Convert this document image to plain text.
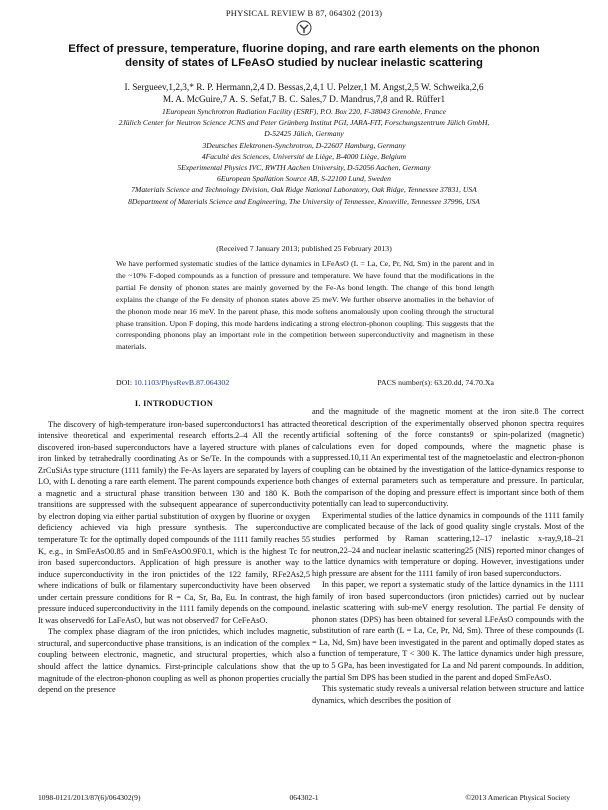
PHYSICAL REVIEW B 87, 064302 (2013)
Effect of pressure, temperature, fluorine doping, and rare earth elements on the phonon density of states of LFeAsO studied by nuclear inelastic scattering
I. Sergueev,1,2,3,* R. P. Hermann,2,4 D. Bessas,2,4,1 U. Pelzer,1 M. Angst,2,5 W. Schweika,2,6
M. A. McGuire,7 A. S. Sefat,7 B. C. Sales,7 D. Mandrus,7,8 and R. Rüffer1
1European Synchrotron Radiation Facility (ESRF), P.O. Box 220, F-38043 Grenoble, France
2Jülich Center for Neutron Science JCNS and Peter Grünberg Institut PGI, JARA-FIT, Forschungszentrum Jülich GmbH,
D-52425 Jülich, Germany
3Deutsches Elektronen-Synchrotron, D-22607 Hamburg, Germany
4Faculté des Sciences, Université de Liège, B-4000 Liège, Belgium
5Experimental Physics IVC, RWTH Aachen University, D-52056 Aachen, Germany
6European Spallation Source AB, S-22100 Lund, Sweden
7Materials Science and Technology Division, Oak Ridge National Laboratory, Oak Ridge, Tennessee 37831, USA
8Department of Materials Science and Engineering, The University of Tennessee, Knoxville, Tennessee 37996, USA
(Received 7 January 2013; published 25 February 2013)
We have performed systematic studies of the lattice dynamics in LFeAsO (L = La, Ce, Pr, Nd, Sm) in the parent and in the ~10% F-doped compounds as a function of pressure and temperature. We have found that the modifications in the partial Fe density of phonon states are mainly governed by the Fe-As bond length. The change of this bond length explains the change of the Fe density of phonon states above 25 meV. We further observe anomalies in the behavior of the phonon mode near 16 meV. In the parent phase, this mode softens anomalously upon cooling through the structural phase transition. Upon F doping, this mode hardens indicating a strong electron-phonon coupling. This suggests that the corresponding phonons play an important role in the competition between superconductivity and magnetism in these materials.
DOI: 10.1103/PhysRevB.87.064302	PACS number(s): 63.20.dd, 74.70.Xa
I. INTRODUCTION

The discovery of high-temperature iron-based superconductors1 has attracted intensive theoretical and experimental research efforts.2–4 All the recently discovered iron-based superconductors have a layered structure with planes of iron linked by tetrahedrally coordinating As or Se/Te. In the compounds with a ZrCuSiAs type structure (1111 family) the Fe-As layers are separated by layers of LO, with L denoting a rare earth element. The parent compounds experience both a magnetic and a structural phase transition between 130 and 180 K. Both transitions are suppressed with the subsequent appearance of superconductivity by electron doping via either partial substitution of oxygen by fluorine or oxygen deficiency achieved via high pressure synthesis. The superconductive temperature Tc for the optimally doped compounds of the 1111 family reaches 55 K, e.g., in SmFeAsO0.85 and in SmFeAsO0.9F0.1, which is the highest Tc for iron based superconductors. Application of high pressure is another way to induce superconductivity in the iron pnictides of the 122 family, RFe2As2,5 where indications of bulk or filamentary superconductivity have been observed under certain pressure conditions for R = Ca, Sr, Ba, Eu. In contrast, the high pressure induced superconductivity in the 1111 family depends on the compound. It was observed6 for LaFeAsO, but was not observed7 for CeFeAsO.

The complex phase diagram of the iron pnictides, which includes magnetic, structural, and superconductive phase transitions, is an indication of the complex coupling between electronic, magnetic, and structural properties, which also should affect the lattice dynamics. First-principle calculations show that the magnitude of the electron-phonon coupling as well as phonon properties crucially depend on the presence

and the magnitude of the magnetic moment at the iron site.8 The correct theoretical description of the experimentally observed phonon spectra requires artificial softening of the force constants9 or spin-polarized (magnetic) calculations even for doped compounds, where the magnetic phase is suppressed.10,11 An experimental test of the magnetoelastic and electron-phonon coupling can be obtained by the investigation of the lattice-dynamics response to changes of external parameters such as temperature and pressure. In particular, the comparison of the doping and pressure effect is important since both of them potentially can lead to superconductivity.

Experimental studies of the lattice dynamics in compounds of the 1111 family are complicated because of the lack of good quality single crystals. Most of the studies performed by Raman scattering,12–17 inelastic x-ray,9,18–21 neutron,22–24 and nuclear inelastic scattering25 (NIS) reported minor changes of the lattice dynamics with temperature or doping. However, investigations under high pressure are absent for the 1111 family of iron based superconductors.

In this paper, we report a systematic study of the lattice dynamics in the 1111 family of iron based superconductors (iron pnictides) carried out by nuclear inelastic scattering with sub-meV energy resolution. The partial Fe density of phonon states (DPS) has been obtained for several LFeAsO compounds with the substitution of rare earth (L = La, Ce, Pr, Nd, Sm). Three of these compounds (L = La, Nd, Sm) have been investigated in the parent and optimally doped states as a function of temperature, T < 300 K. The lattice dynamics under high pressure, up to 5 GPa, has been investigated for La and Nd parent compounds. In addition, the partial Sm DPS has been studied in the parent and doped SmFeAsO.

This systematic study reveals a universal relation between structure and lattice dynamics, which describes the position of

1098-0121/2013/87(6)/064302(9)	064302-1	©2013 American Physical Society
